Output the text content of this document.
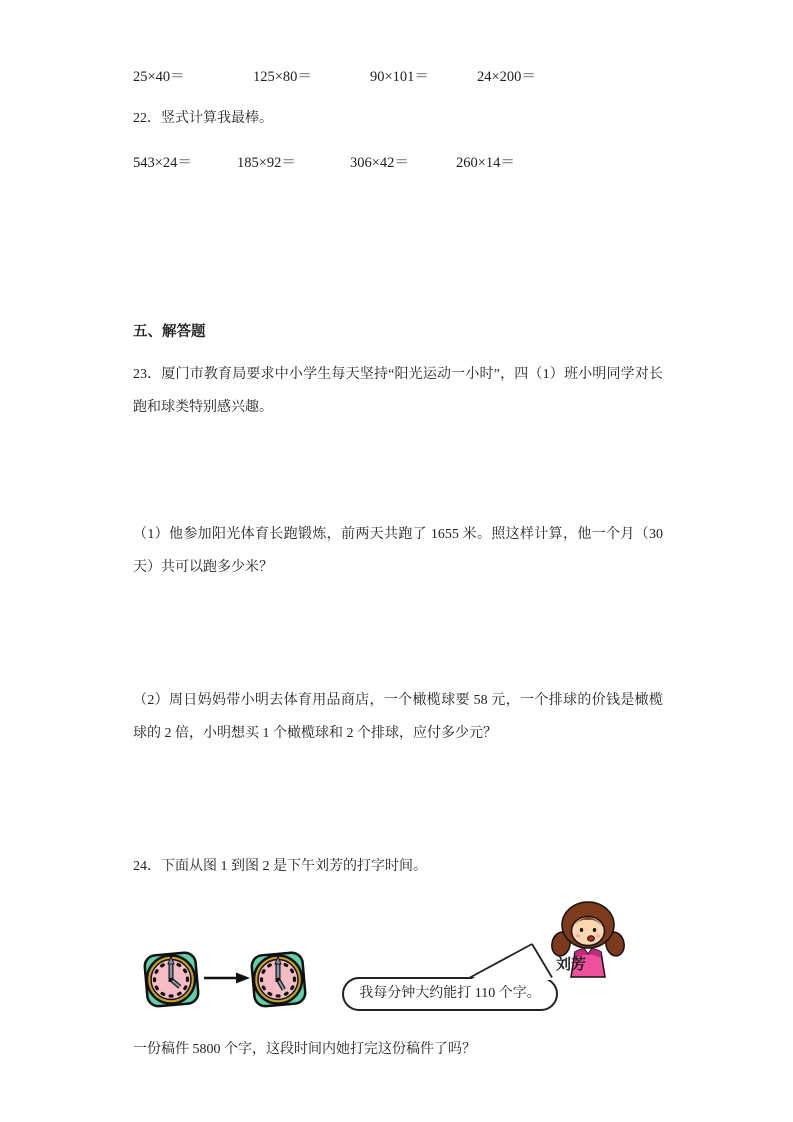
25×40＝	125×80＝	90×101＝	24×200＝
22．竖式计算我最棒。
543×24＝	185×92＝	306×42＝	260×14＝
五、解答题
23．厦门市教育局要求中小学生每天坚持“阳光运动一小时”，四（1）班小明同学对长跑和球类特别感兴趣。
（1）他参加阳光体育长跑锻炼，前两天共跑了 1655 米。照这样计算，他一个月（30天）共可以跑多少米？
（2）周日妈妈带小明去体育用品商店，一个橄榄球要 58 元，一个排球的价钱是橄榄球的 2 倍，小明想买 1 个橄榄球和 2 个排球，应付多少元？
24．下面从图 1 到图 2 是下午刘芳的打字时间。
我每分钟大约能打 110 个字。
刘芳
一份稿件 5800 个字，这段时间内她打完这份稿件了吗？
